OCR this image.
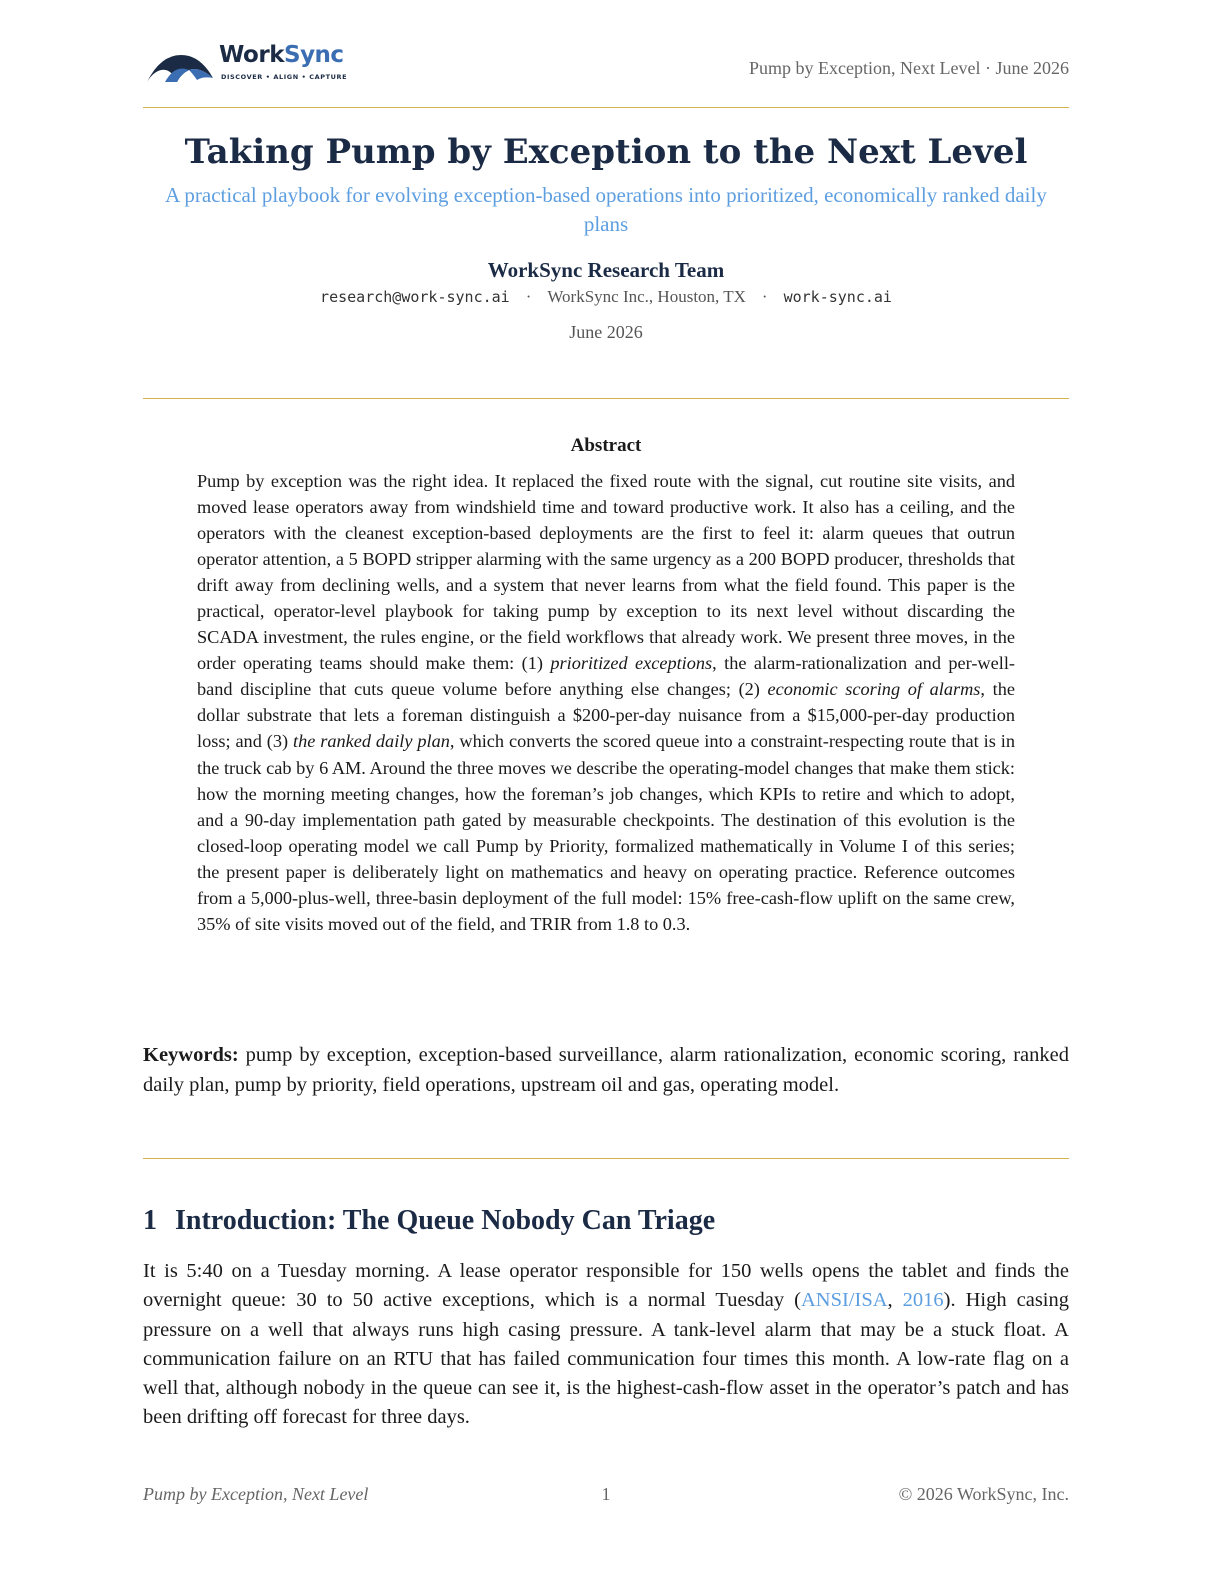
WorkSync
DISCOVER • ALIGN • CAPTURE	Pump by Exception, Next Level · June 2026
Taking Pump by Exception to the Next Level
A practical playbook for evolving exception-based operations into prioritized, economically ranked daily plans
WorkSync Research Team
research@work-sync.ai · WorkSync Inc., Houston, TX · work-sync.ai
June 2026
Abstract

Pump by exception was the right idea. It replaced the fixed route with the signal, cut routine site visits, and moved lease operators away from windshield time and toward productive work. It also has a ceiling, and the operators with the cleanest exception-based deployments are the first to feel it: alarm queues that outrun operator attention, a 5 BOPD stripper alarming with the same urgency as a 200 BOPD producer, thresholds that drift away from declining wells, and a system that never learns from what the field found. This paper is the practical, operator-level playbook for taking pump by exception to its next level without discarding the SCADA investment, the rules engine, or the field workflows that already work. We present three moves, in the order operating teams should make them: (1) prioritized exceptions, the alarm-rationalization and per-well-band discipline that cuts queue volume before anything else changes; (2) economic scoring of alarms, the dollar substrate that lets a foreman distinguish a $200-per-day nuisance from a $15,000-per-day production loss; and (3) the ranked daily plan, which converts the scored queue into a constraint-respecting route that is in the truck cab by 6 AM. Around the three moves we describe the operating-model changes that make them stick: how the morning meeting changes, how the foreman’s job changes, which KPIs to retire and which to adopt, and a 90-day implementation path gated by measurable checkpoints. The destination of this evolution is the closed-loop operating model we call Pump by Priority, formalized mathematically in Volume I of this series; the present paper is deliberately light on mathematics and heavy on operating practice. Reference outcomes from a 5,000-plus-well, three-basin deployment of the full model: 15% free-cash-flow uplift on the same crew, 35% of site visits moved out of the field, and TRIR from 1.8 to 0.3.

Keywords: pump by exception, exception-based surveillance, alarm rationalization, economic scoring, ranked daily plan, pump by priority, field operations, upstream oil and gas, operating model.

1 Introduction: The Queue Nobody Can Triage

It is 5:40 on a Tuesday morning. A lease operator responsible for 150 wells opens the tablet and finds the overnight queue: 30 to 50 active exceptions, which is a normal Tuesday (ANSI/ISA, 2016). High casing pressure on a well that always runs high casing pressure. A tank-level alarm that may be a stuck float. A communication failure on an RTU that has failed communication four times this month. A low-rate flag on a well that, although nobody in the queue can see it, is the highest-cash-flow asset in the operator’s patch and has been drifting off forecast for three days.

Pump by Exception, Next Level	1	© 2026 WorkSync, Inc.
